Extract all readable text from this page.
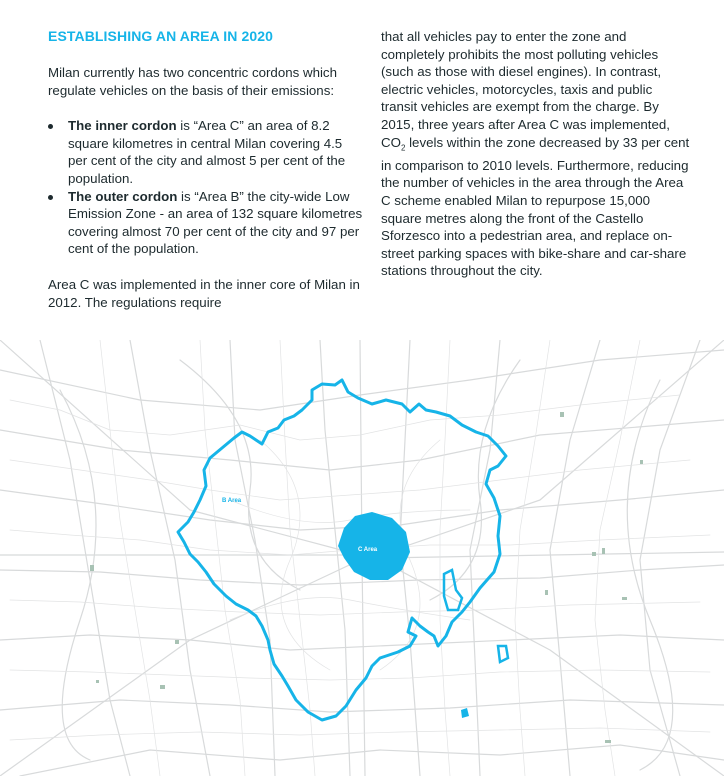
ESTABLISHING AN AREA IN 2020

Milan currently has two concentric cordons which regulate vehicles on the basis of their emissions:

The inner cordon is “Area C” an area of 8.2 square kilometres in central Milan covering 4.5 per cent of the city and almost 5 per cent of the population.
The outer cordon is “Area B” the city-wide Low Emission Zone - an area of 132 square kilometres covering almost 70 per cent of the city and 97 per cent of the population.

Area C was implemented in the inner core of Milan in 2012. The regulations require

that all vehicles pay to enter the zone and completely prohibits the most polluting vehicles (such as those with diesel engines). In contrast, electric vehicles, motorcycles, taxis and public transit vehicles are exempt from the charge. By 2015, three years after Area C was implemented, $CO_2$ levels within the zone decreased by 33 per cent in comparison to 2010 levels. Furthermore, reducing the number of vehicles in the area through the Area C scheme enabled Milan to repurpose 15,000 square metres along the front of the Castello Sforzesco into a pedestrian area, and replace on-street parking spaces with bike-share and car-share stations throughout the city.

B Area
C Area
